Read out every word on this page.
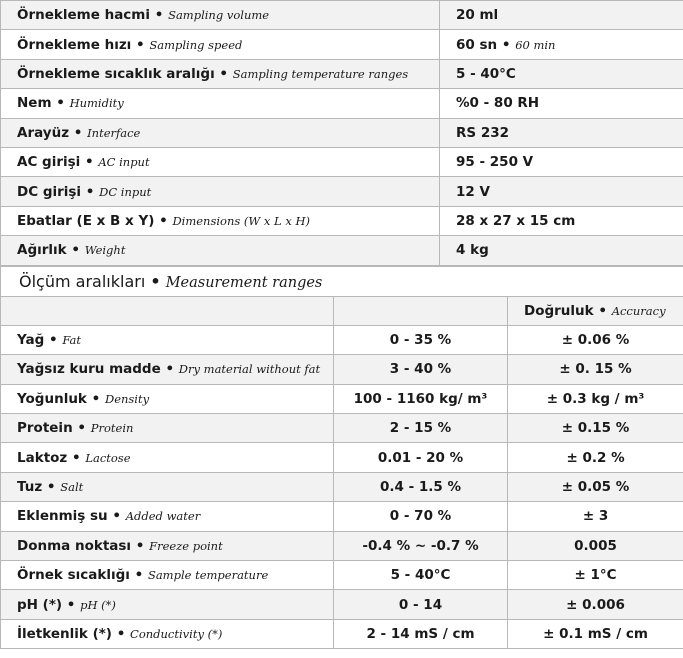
Örnekleme hacmi • Sampling volume	20 ml
Örnekleme hızı • Sampling speed	60 sn • 60 min
Örnekleme sıcaklık aralığı • Sampling temperature ranges	5 - 40°C
Nem • Humidity	%0 - 80 RH
Arayüz • Interface	RS 232
AC girişi • AC input	95 - 250 V
DC girişi • DC input	12 V
Ebatlar (E x B x Y) • Dimensions (W x L x H)	28 x 27 x 15 cm
Ağırlık • Weight	4 kg
Ölçüm aralıkları • Measurement ranges		
		Doğruluk • Accuracy
Yağ • Fat	0 - 35 %	± 0.06 %
Yağsız kuru madde • Dry material without fat	3 - 40 %	± 0. 15 %
Yoğunluk • Density	100 - 1160 kg/ m³	± 0.3 kg / m³
Protein • Protein	2 - 15 %	± 0.15 %
Laktoz • Lactose	0.01 - 20 %	± 0.2 %
Tuz • Salt	0.4 - 1.5 %	± 0.05 %
Eklenmiş su • Added water	0 - 70 %	± 3
Donma noktası • Freeze point	-0.4 % ~ -0.7 %	0.005
Örnek sıcaklığı • Sample temperature	5 - 40°C	± 1°C
pH (*) • pH (*)	0 - 14	± 0.006
İletkenlik (*) • Conductivity (*)	2 - 14 mS / cm	± 0.1 mS / cm
